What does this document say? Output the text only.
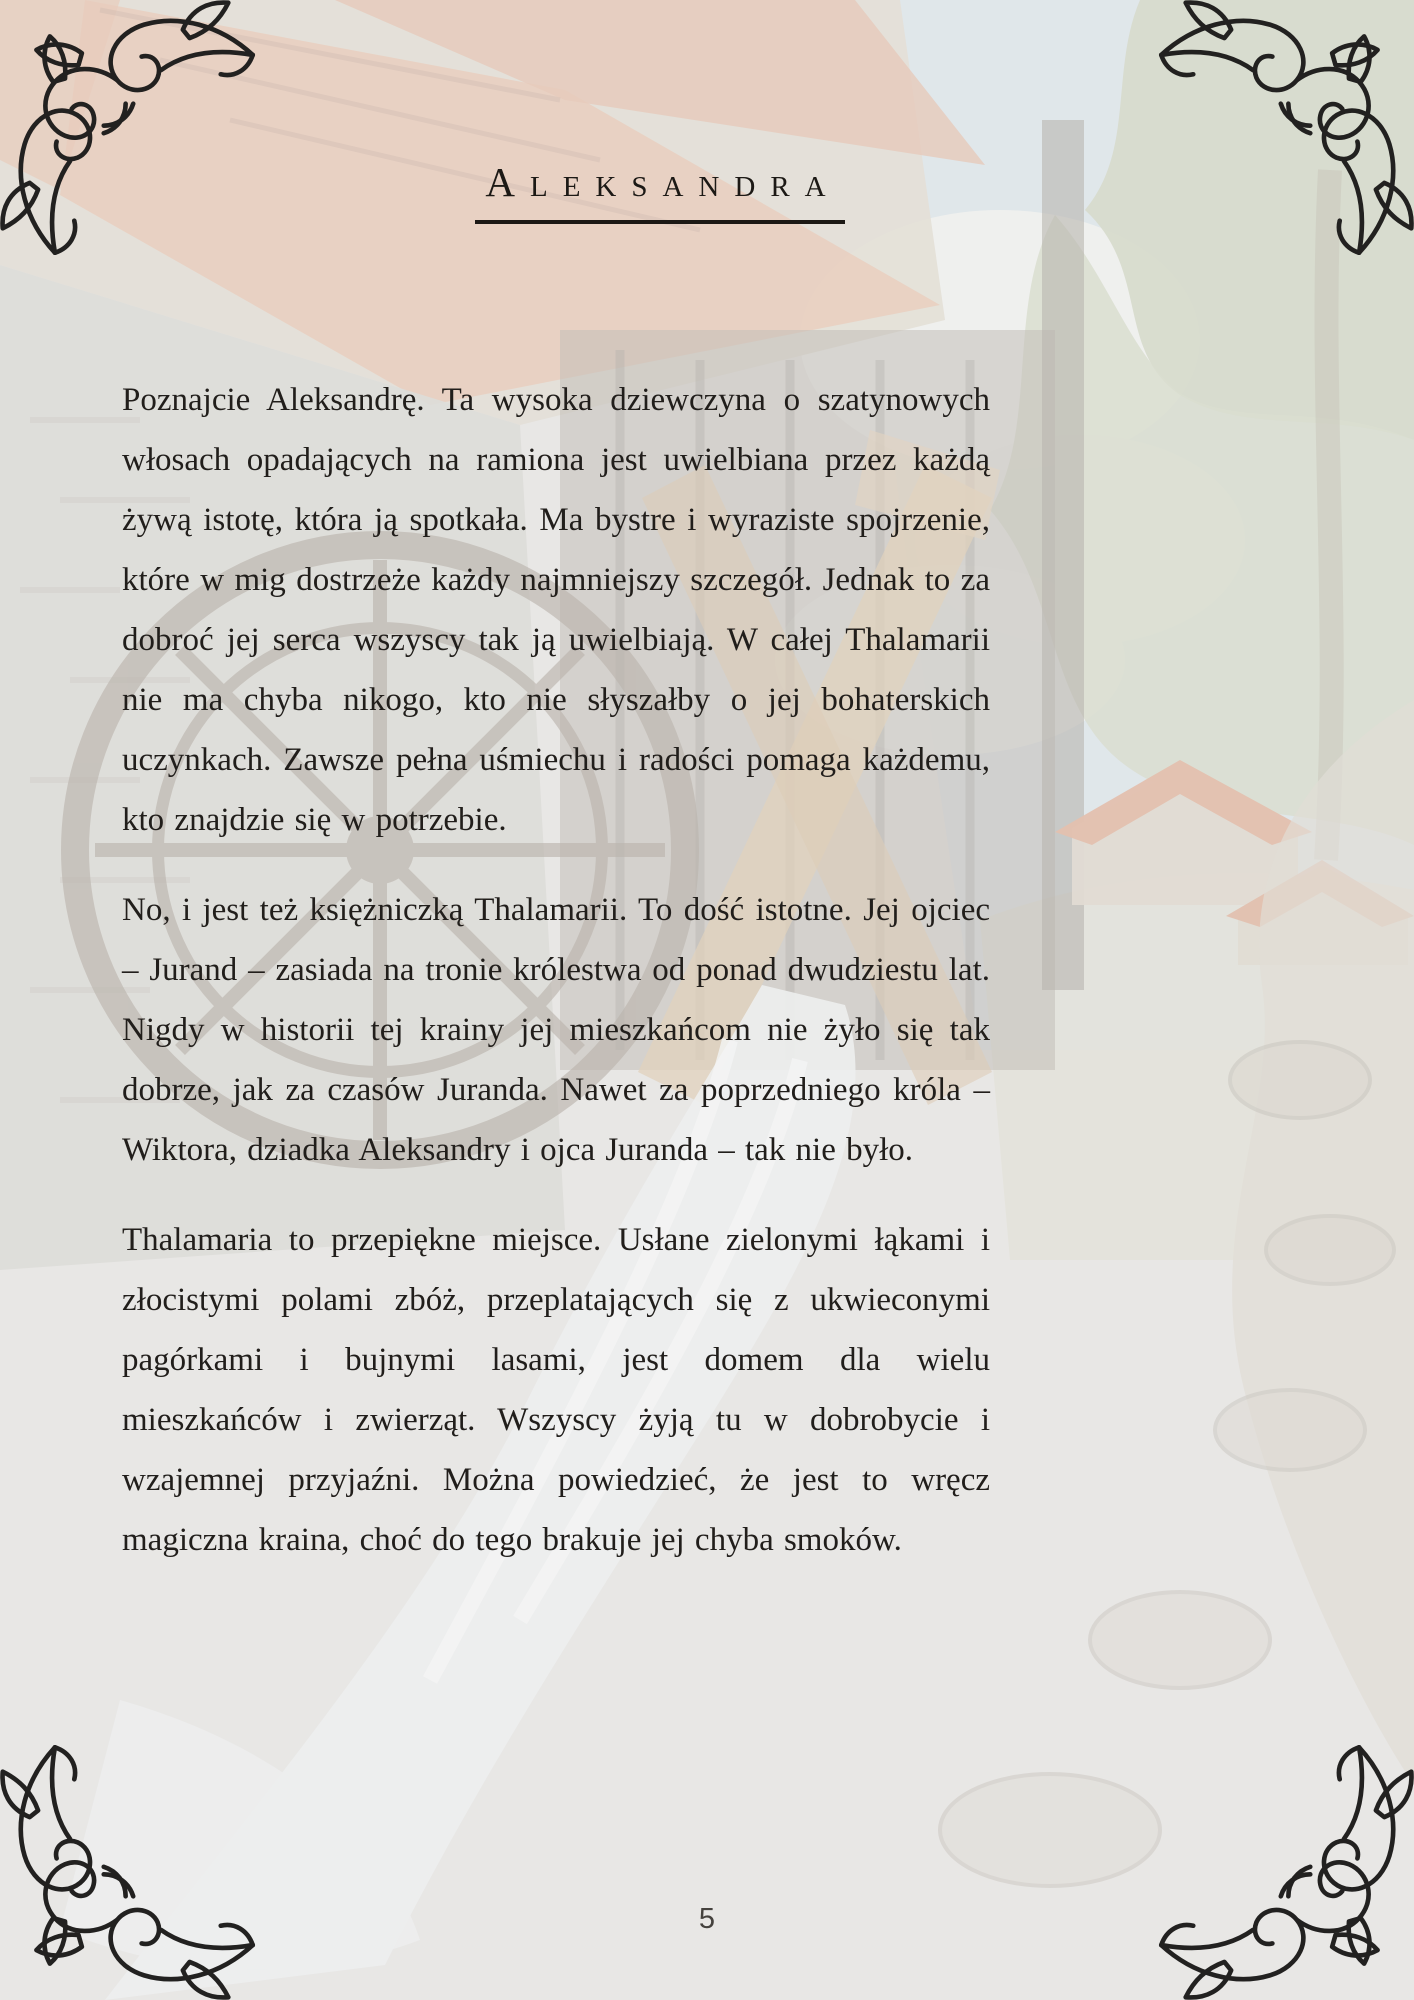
Aleksandra

Poznajcie Aleksandrę. Ta wysoka dziewczyna o szatynowych włosach opadających na ramiona jest uwielbiana przez każdą żywą istotę, która ją spotkała. Ma bystre i wyraziste spojrzenie, które w mig dostrzeże każdy najmniejszy szczegół. Jednak to za dobroć jej serca wszyscy tak ją uwielbiają. W całej Thalamarii nie ma chyba nikogo, kto nie słyszałby o jej bohaterskich uczynkach. Zawsze pełna uśmiechu i radości pomaga każdemu, kto znajdzie się w potrzebie.

No, i jest też księżniczką Thalamarii. To dość istotne. Jej ojciec – Jurand – zasiada na tronie królestwa od ponad dwudziestu lat. Nigdy w historii tej krainy jej mieszkańcom nie żyło się tak dobrze, jak za czasów Juranda. Nawet za poprzedniego króla – Wiktora, dziadka Aleksandry i ojca Juranda – tak nie było.

Thalamaria to przepiękne miejsce. Usłane zielonymi łąkami i złocistymi polami zbóż, przeplatających się z ukwieconymi pagórkami i bujnymi lasami, jest domem dla wielu mieszkańców i zwierząt. Wszyscy żyją tu w dobrobycie i wzajemnej przyjaźni. Można powiedzieć, że jest to wręcz magiczna kraina, choć do tego brakuje jej chyba smoków.

5
